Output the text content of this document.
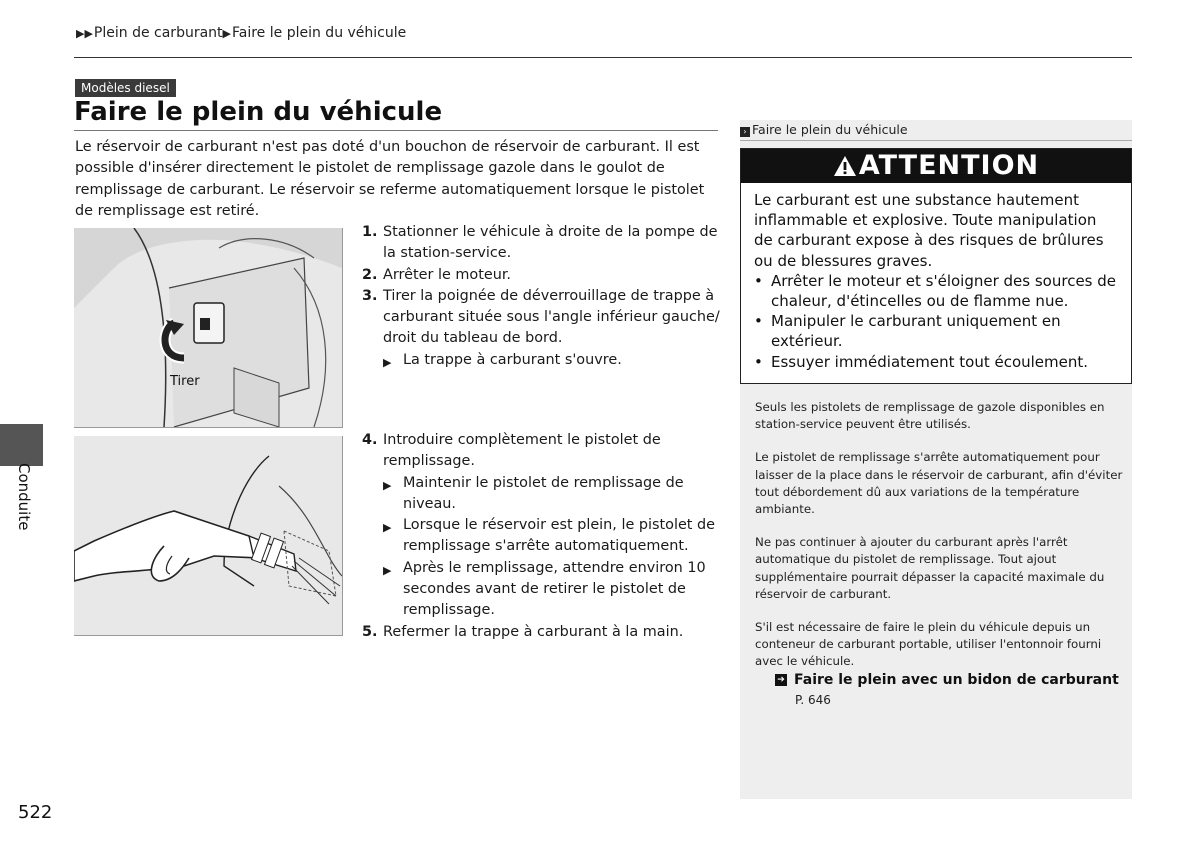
▶▶ Plein de carburant ▶ Faire le plein du véhicule
Modèles diesel
Faire le plein du véhicule
Le réservoir de carburant n'est pas doté d'un bouchon de réservoir de carburant. Il est possible d'insérer directement le pistolet de remplissage gazole dans le goulot de remplissage de carburant. Le réservoir se referme automatiquement lorsque le pistolet de remplissage est retiré.
Tirer
1. Stationner le véhicule à droite de la pompe de la station-service.
2. Arrêter le moteur.
3. Tirer la poignée de déverrouillage de trappe à carburant située sous l'angle inférieur gauche/ droit du tableau de bord.
▶ La trappe à carburant s'ouvre.
4. Introduire complètement le pistolet de remplissage.
▶ Maintenir le pistolet de remplissage de niveau.
▶ Lorsque le réservoir est plein, le pistolet de remplissage s'arrête automatiquement.
▶ Après le remplissage, attendre environ 10 secondes avant de retirer le pistolet de remplissage.
5. Refermer la trappe à carburant à la main.
› Faire le plein du véhicule
ATTENTION
Le carburant est une substance hautement inflammable et explosive. Toute manipulation de carburant expose à des risques de brûlures ou de blessures graves.
• Arrêter le moteur et s'éloigner des sources de chaleur, d'étincelles ou de flamme nue.
• Manipuler le carburant uniquement en extérieur.
• Essuyer immédiatement tout écoulement.

Seuls les pistolets de remplissage de gazole disponibles en station-service peuvent être utilisés.

Le pistolet de remplissage s'arrête automatiquement pour laisser de la place dans le réservoir de carburant, afin d'éviter tout débordement dû aux variations de la température ambiante.

Ne pas continuer à ajouter du carburant après l'arrêt automatique du pistolet de remplissage. Tout ajout supplémentaire pourrait dépasser la capacité maximale du réservoir de carburant.

S'il est nécessaire de faire le plein du véhicule depuis un conteneur de carburant portable, utiliser l'entonnoir fourni avec le véhicule.

➔ Faire le plein avec un bidon de carburant
P. 646
Conduite
522
